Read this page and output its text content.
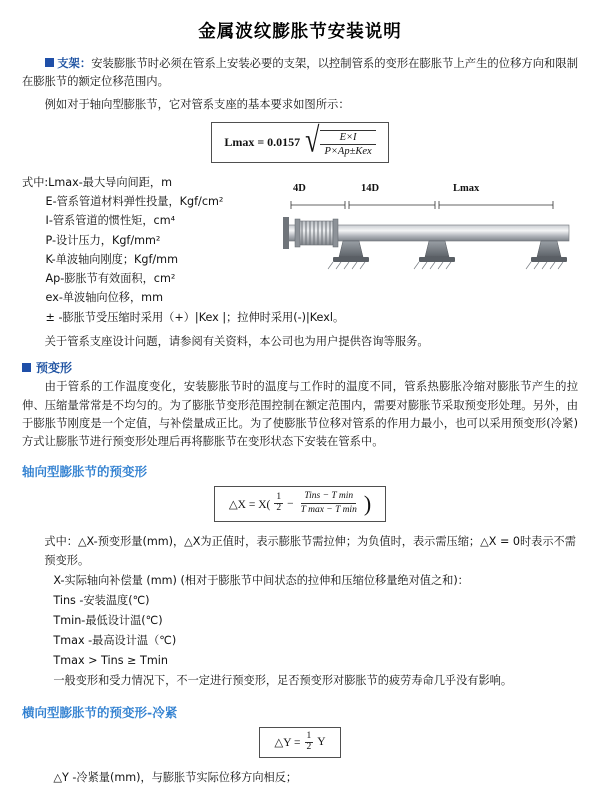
金属波纹膨胀节安装说明
支架：安装膨胀节时必须在管系上安装必要的支架，以控制管系的变形在膨胀节上产生的位移方向和限制在膨胀节的额定位移范围内。
例如对于轴向型膨胀节，它对管系支座的基本要求如图所示：
Lmax = 0.0157 √ $\frac{E\times I}{\text{P×Ap±Kex}}$
式中:Lmax-最大导向间距，m
E-管系管道材料弹性投量，Kgf/cm²
I-管系管道的惯性矩，cm⁴
P-设计压力，Kgf/mm²
K-单波轴向刚度；Kgf/mm
Ap-膨胀节有效面积，cm²
ex-单波轴向位移，mm
± -膨胀节受压缩时采用（+）|Kex |；拉伸时采用(-)|Kexl。
4D	14D	Lmax
关于管系支座设计问题，请参阅有关资料，本公司也为用户提供咨询等服务。
预变形
由于管系的工作温度变化，安装膨胀节时的温度与工作时的温度不同，管系热膨胀冷缩对膨胀节产生的拉伸、压缩量常常是不均匀的。为了膨胀节变形范围控制在额定范围内，需要对膨胀节采取预变形处理。另外，由于膨胀节刚度是一个定值，与补偿量成正比。为了使膨胀节位移对管系的作用力最小，也可以采用预变形(冷紧)方式让膨胀节进行预变形处理后再将膨胀节在变形状态下安装在管系中。
轴向型膨胀节的预变形
△X = X(
1
2 −
Tins − T min
T max − T min )
式中：△X-预变形量(mm)，△X为正值时，表示膨胀节需拉伸；为负值时，表示需压缩；△X = 0时表示不需预变形。
X-实际轴向补偿量 (mm) (相对于膨胀节中间状态的拉伸和压缩位移量绝对值之和)：
Tins -安装温度(℃)
Tmin-最低设计温(℃)
Tmax -最高设计温（℃)
Tmax > Tins ≥ Tmin
一般变形和受力情况下，不一定进行预变形，足否预变形对膨胀节的疲劳寿命几乎没有影响。
横向型膨胀节的预变形-冷紧
△Y = $\frac{1}{2}$ Y
△Y -冷紧量(mm)，与膨胀节实际位移方向相反；
